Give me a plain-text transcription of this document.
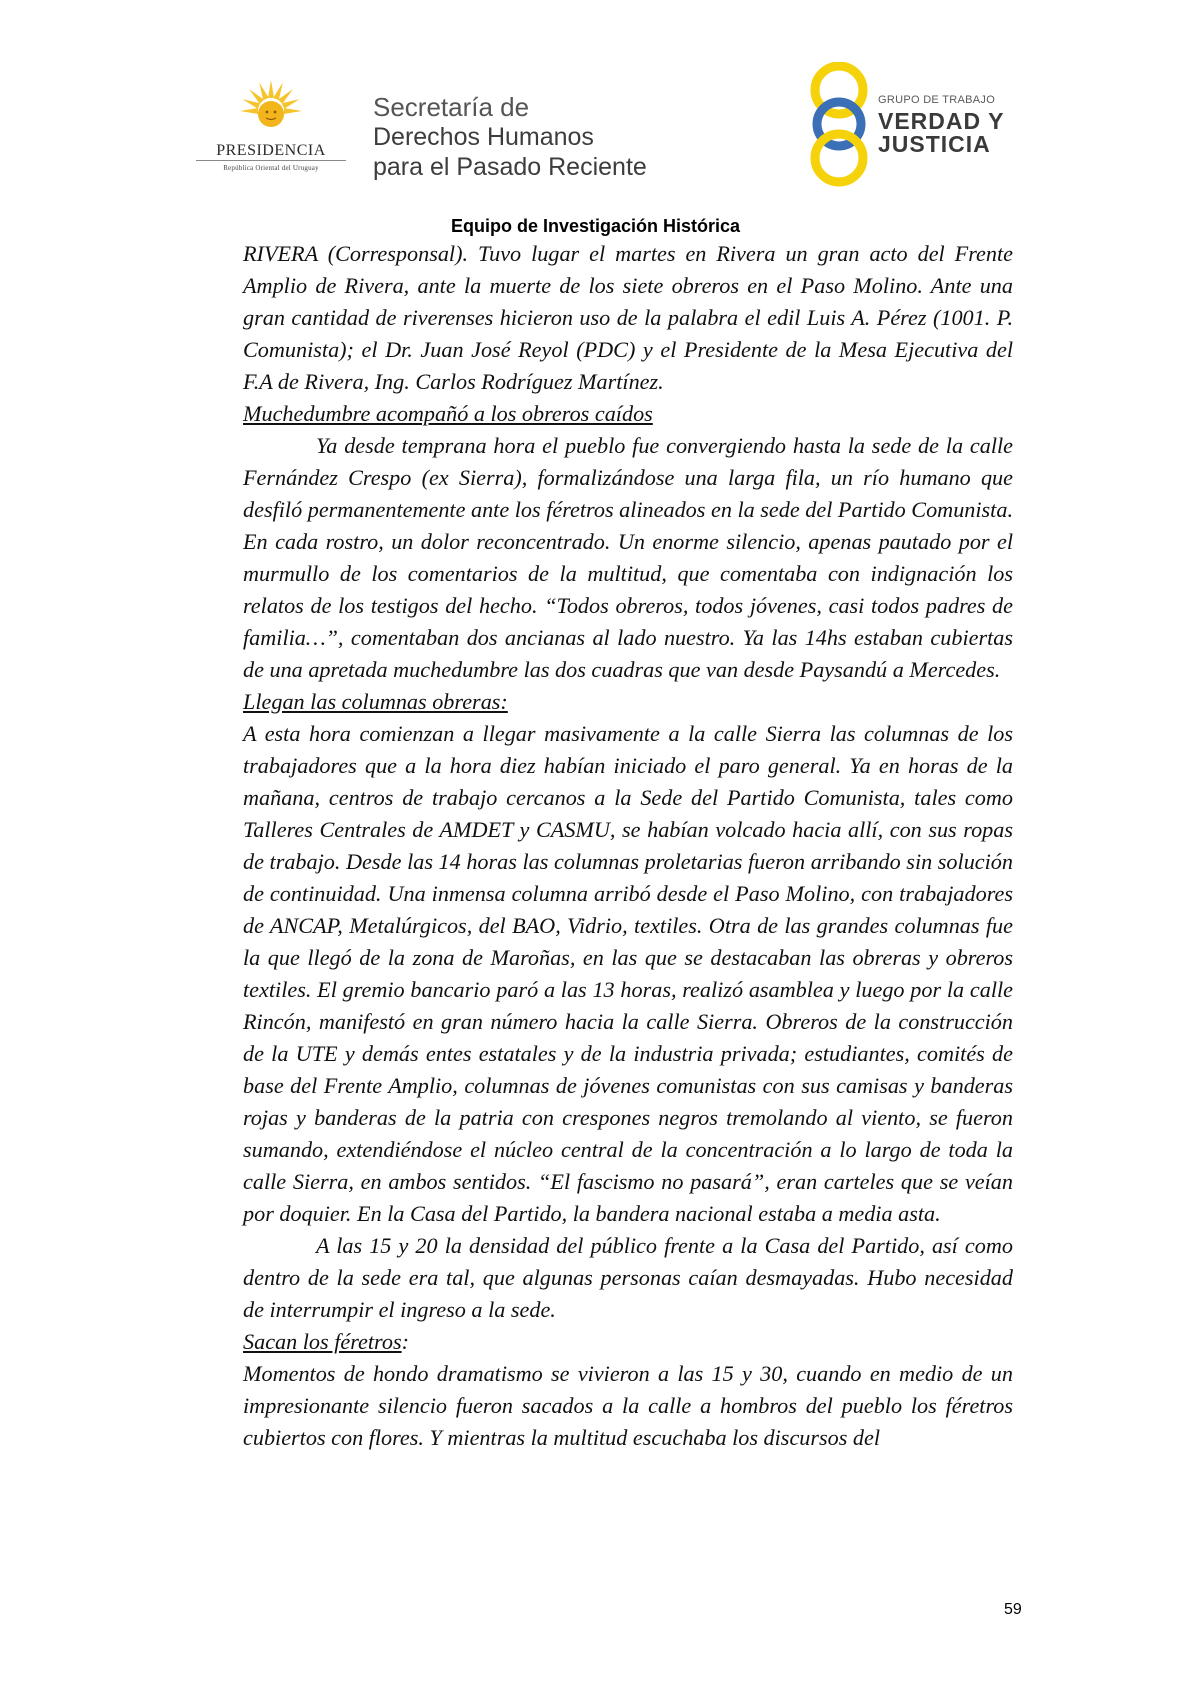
PRESIDENCIA
República Oriental del Uruguay
Secretaría de
Derechos Humanos
para el Pasado Reciente
GRUPO DE TRABAJO
VERDAD Y
JUSTICIA
Equipo de Investigación Histórica

RIVERA (Corresponsal). Tuvo lugar el martes en Rivera un gran acto del Frente Amplio de Rivera, ante la muerte de los siete obreros en el Paso Molino. Ante una gran cantidad de riverenses hicieron uso de la palabra el edil Luis A. Pérez (1001. P. Comunista); el Dr. Juan José Reyol (PDC) y el Presidente de la Mesa Ejecutiva del F.A de Rivera, Ing. Carlos Rodríguez Martínez.

Muchedumbre acompañó a los obreros caídos

Ya desde temprana hora el pueblo fue convergiendo hasta la sede de la calle Fernández Crespo (ex Sierra), formalizándose una larga fila, un río humano que desfiló permanentemente ante los féretros alineados en la sede del Partido Comunista. En cada rostro, un dolor reconcentrado. Un enorme silencio, apenas pautado por el murmullo de los comentarios de la multitud, que comentaba con indignación los relatos de los testigos del hecho. “Todos obreros, todos jóvenes, casi todos padres de familia…”, comentaban dos ancianas al lado nuestro. Ya las 14hs estaban cubiertas de una apretada muchedumbre las dos cuadras que van desde Paysandú a Mercedes.

Llegan las columnas obreras:

A esta hora comienzan a llegar masivamente a la calle Sierra las columnas de los trabajadores que a la hora diez habían iniciado el paro general. Ya en horas de la mañana, centros de trabajo cercanos a la Sede del Partido Comunista, tales como Talleres Centrales de AMDET y CASMU, se habían volcado hacia allí, con sus ropas de trabajo. Desde las 14 horas las columnas proletarias fueron arribando sin solución de continuidad. Una inmensa columna arribó desde el Paso Molino, con trabajadores de ANCAP, Metalúrgicos, del BAO, Vidrio, textiles. Otra de las grandes columnas fue la que llegó de la zona de Maroñas, en las que se destacaban las obreras y obreros textiles. El gremio bancario paró a las 13 horas, realizó asamblea y luego por la calle Rincón, manifestó en gran número hacia la calle Sierra. Obreros de la construcción de la UTE y demás entes estatales y de la industria privada; estudiantes, comités de base del Frente Amplio, columnas de jóvenes comunistas con sus camisas y banderas rojas y banderas de la patria con crespones negros tremolando al viento, se fueron sumando, extendiéndose el núcleo central de la concentración a lo largo de toda la calle Sierra, en ambos sentidos. “El fascismo no pasará”, eran carteles que se veían por doquier. En la Casa del Partido, la bandera nacional estaba a media asta.

A las 15 y 20 la densidad del público frente a la Casa del Partido, así como dentro de la sede era tal, que algunas personas caían desmayadas. Hubo necesidad de interrumpir el ingreso a la sede.

Sacan los féretros:

Momentos de hondo dramatismo se vivieron a las 15 y 30, cuando en medio de un impresionante silencio fueron sacados a la calle a hombros del pueblo los féretros cubiertos con flores. Y mientras la multitud escuchaba los discursos del

59
